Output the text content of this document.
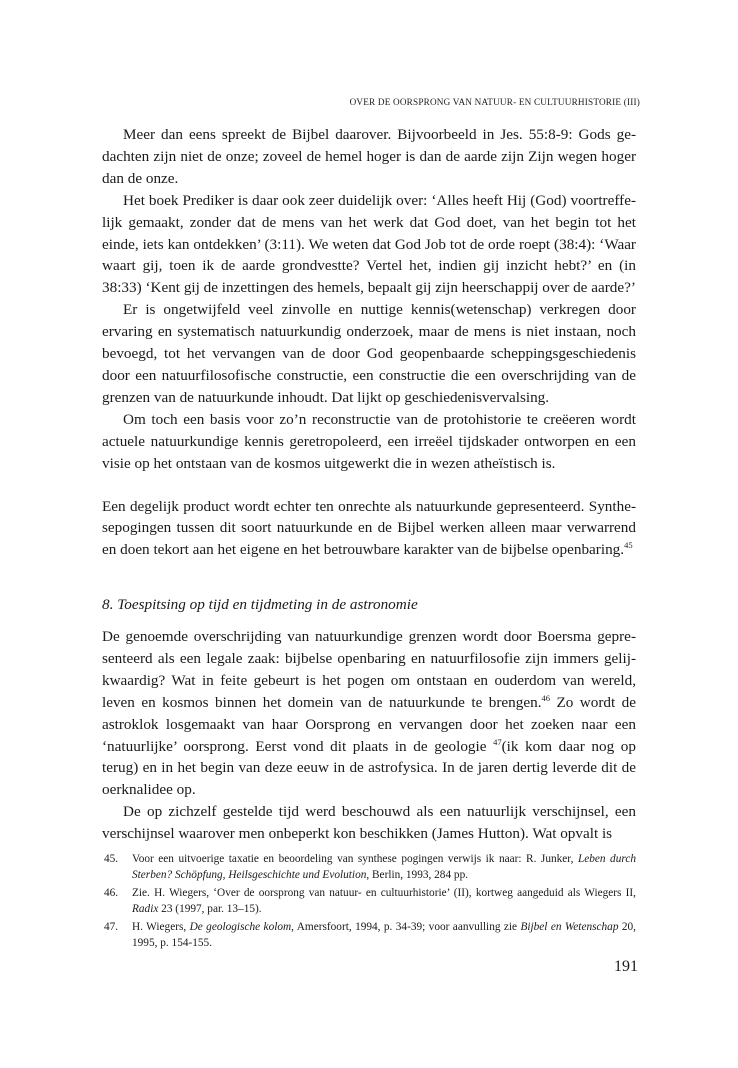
OVER DE OORSPRONG VAN NATUUR- EN CULTUURHISTORIE (III)

Meer dan eens spreekt de Bijbel daarover. Bijvoorbeeld in Jes. 55:8-9: Gods gedachten zijn niet de onze; zoveel de hemel hoger is dan de aarde zijn Zijn wegen hoger dan de onze.

Het boek Prediker is daar ook zeer duidelijk over: ‘Alles heeft Hij (God) voortreffelijk gemaakt, zonder dat de mens van het werk dat God doet, van het begin tot het einde, iets kan ontdekken’ (3:11). We weten dat God Job tot de orde roept (38:4): ‘Waar waart gij, toen ik de aarde grondvestte? Vertel het, indien gij inzicht hebt?’ en (in 38:33) ‘Kent gij de inzettingen des hemels, bepaalt gij zijn heerschappij over de aarde?’

Er is ongetwijfeld veel zinvolle en nuttige kennis(wetenschap) verkregen door ervaring en systematisch natuurkundig onderzoek, maar de mens is niet instaan, noch bevoegd, tot het vervangen van de door God geopenbaarde scheppingsgeschiedenis door een natuurfilosofische constructie, een constructie die een overschrijding van de grenzen van de natuurkunde inhoudt. Dat lijkt op geschiedenisvervalsing.

Om toch een basis voor zo’n reconstructie van de protohistorie te creëeren wordt actuele natuurkundige kennis geretropoleerd, een irreëel tijdskader ontworpen en een visie op het ontstaan van de kosmos uitgewerkt die in wezen atheïstisch is.

Een degelijk product wordt echter ten onrechte als natuurkunde gepresenteerd. Synthesepogingen tussen dit soort natuurkunde en de Bijbel werken alleen maar verwarrend en doen tekort aan het eigene en het betrouwbare karakter van de bijbelse openbaring.$^{45}$

8. Toespitsing op tijd en tijdmeting in de astronomie

De genoemde overschrijding van natuurkundige grenzen wordt door Boersma gepresenteerd als een legale zaak: bijbelse openbaring en natuurfilosofie zijn immers gelijkwaardig? Wat in feite gebeurt is het pogen om ontstaan en ouderdom van wereld, leven en kosmos binnen het domein van de natuurkunde te brengen.$^{46}$ Zo wordt de astroklok losgemaakt van haar Oorsprong en vervangen door het zoeken naar een ‘natuurlijke’ oorsprong. Eerst vond dit plaats in de geologie $^{47}$(ik kom daar nog op terug) en in het begin van deze eeuw in de astrofysica. In de jaren dertig leverde dit de oerknalidee op.

De op zichzelf gestelde tijd werd beschouwd als een natuurlijk verschijnsel, een verschijnsel waarover men onbeperkt kon beschikken (James Hutton). Wat opvalt is

45. Voor een uitvoerige taxatie en beoordeling van synthese pogingen verwijs ik naar: R. Junker, Leben durch Sterben? Schöpfung, Heilsgeschichte und Evolution, Berlin, 1993, 284 pp.
46. Zie. H. Wiegers, ‘Over de oorsprong van natuur- en cultuurhistorie’ (II), kortweg aangeduid als Wiegers II, Radix 23 (1997, par. 13–15).
47. H. Wiegers, De geologische kolom, Amersfoort, 1994, p. 34-39; voor aanvulling zie Bijbel en Wetenschap 20, 1995, p. 154-155.
191
